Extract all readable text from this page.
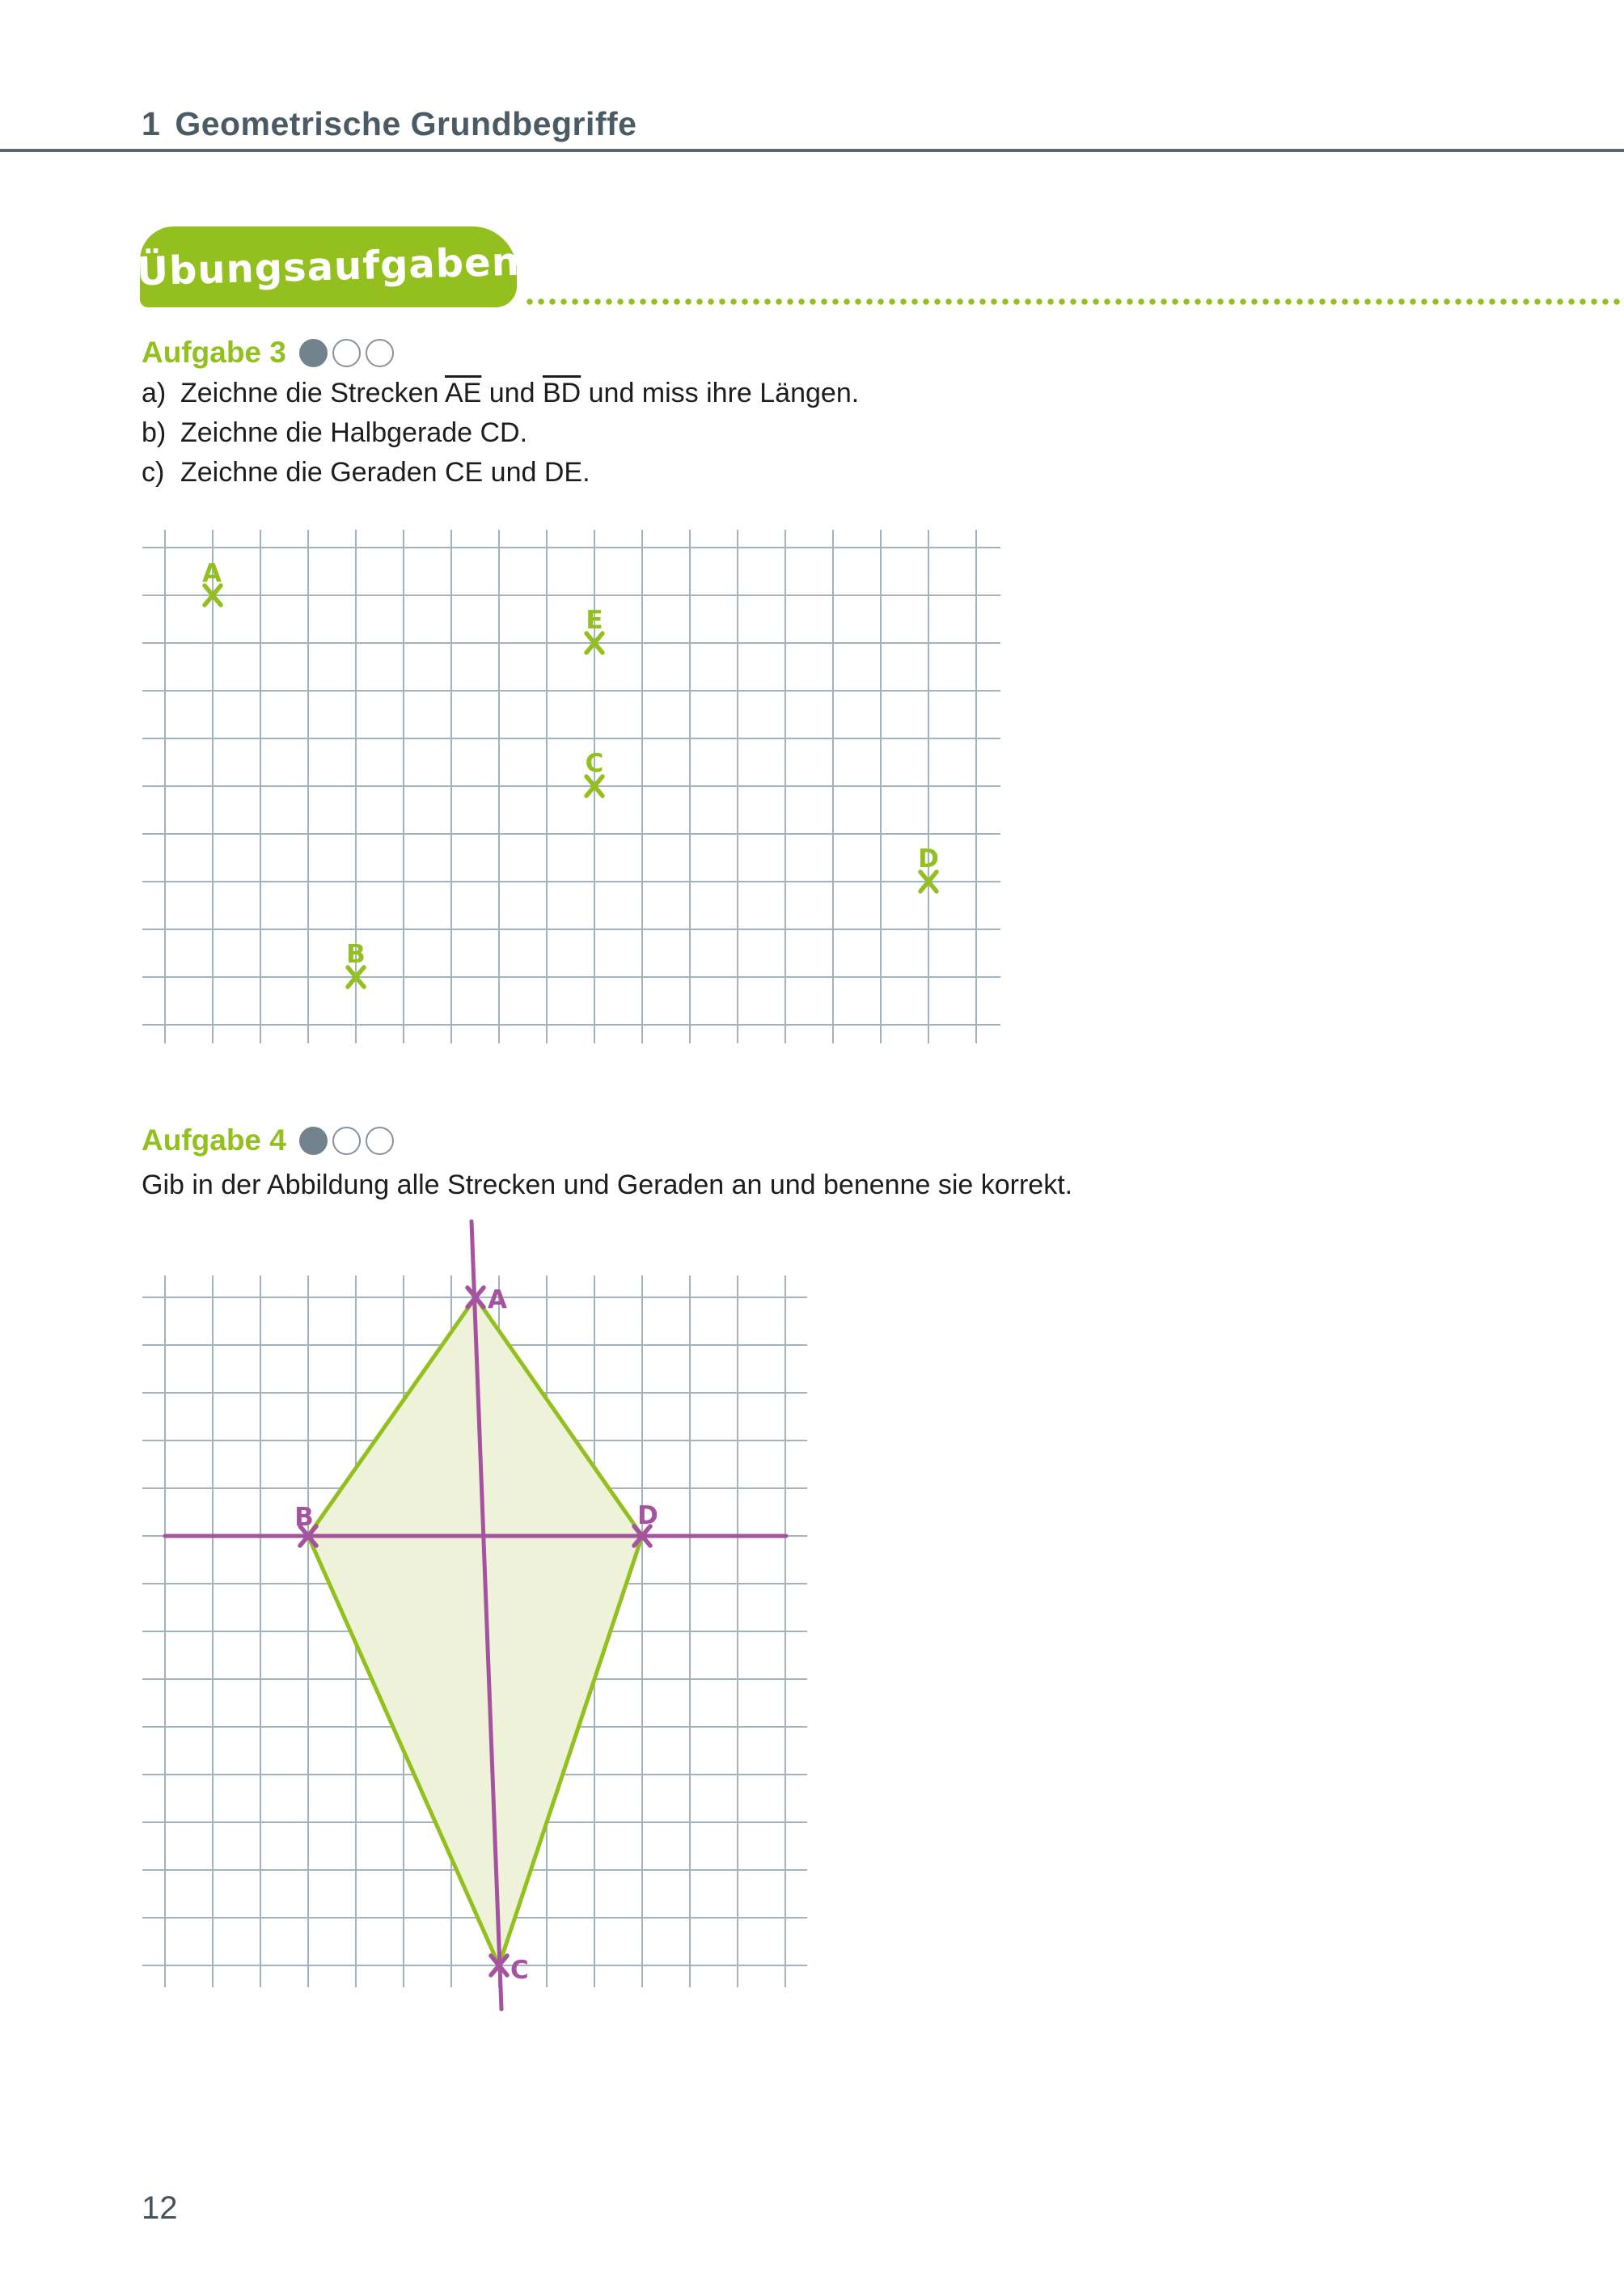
1 Geometrische Grundbegriffe
Übungsaufgaben
Aufgabe 3
a) Zeichne die Strecken $\overline{AE}$ und $\overline{BD}$ und miss ihre Längen.
b) Zeichne die Halbgerade CD.
c) Zeichne die Geraden CE und DE.
A
E
C
D
B
Aufgabe 4
Gib in der Abbildung alle Strecken und Geraden an und benenne sie korrekt.
A
B	D
C
12
